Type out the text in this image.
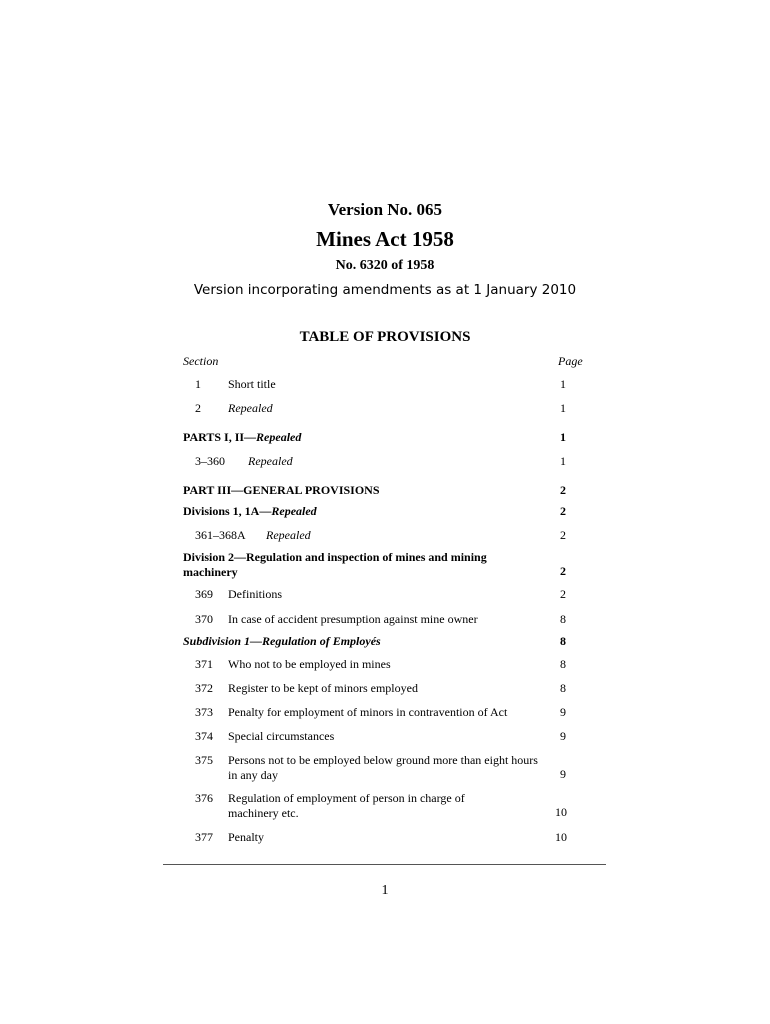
Version No. 065
Mines Act 1958
No. 6320 of 1958
Version incorporating amendments as at 1 January 2010
TABLE OF PROVISIONS
Section	Page
1 Short title	1
2 Repealed	1
PARTS I, II—Repealed	1
3–360 Repealed	1
PART III—GENERAL PROVISIONS	2
Divisions 1, 1A—Repealed	2
361–368A Repealed	2
Division 2—Regulation and inspection of mines and mining machinery	2
369 Definitions	2
370 In case of accident presumption against mine owner	8
Subdivision 1—Regulation of Employés	8
371 Who not to be employed in mines	8
372 Register to be kept of minors employed	8
373 Penalty for employment of minors in contravention of Act	9
374 Special circumstances	9
375 Persons not to be employed below ground more than eight hours in any day	9
376 Regulation of employment of person in charge of machinery etc.	10
377 Penalty	10
1
